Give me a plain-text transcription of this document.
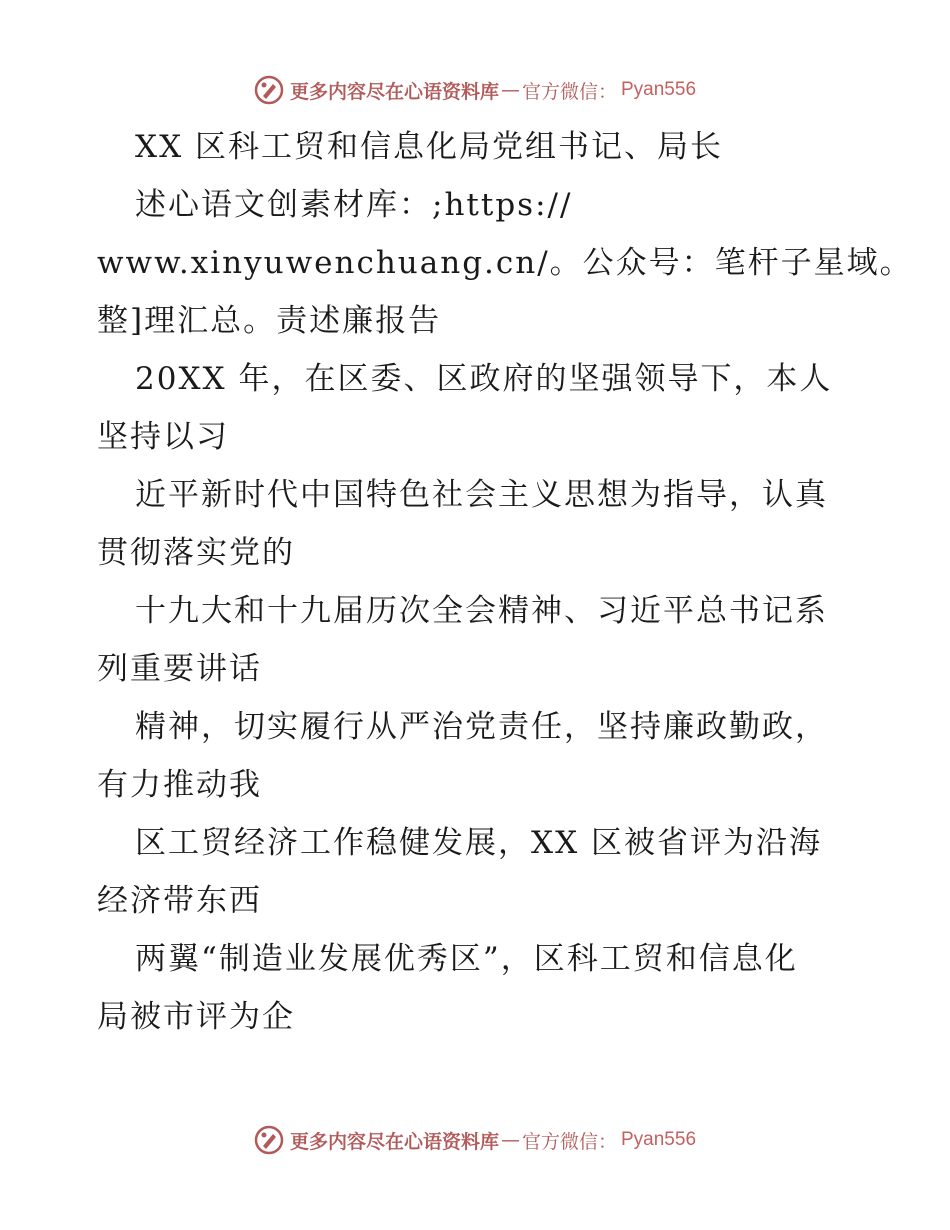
更多内容尽在心语资料库 — 官方微信： Pyan556
XX 区科工贸和信息化局党组书记、局长
述心语文创素材库：;https://
www.xinyuwenchuang.cn/。公众号：笔杆子星域。
整]理汇总。责述廉报告
20XX 年，在区委、区政府的坚强领导下，本人
坚持以习
近平新时代中国特色社会主义思想为指导，认真
贯彻落实党的
十九大和十九届历次全会精神、习近平总书记系
列重要讲话
精神，切实履行从严治党责任，坚持廉政勤政，
有力推动我
区工贸经济工作稳健发展，XX 区被省评为沿海
经济带东西
两翼“制造业发展优秀区”，区科工贸和信息化
局被市评为企
更多内容尽在心语资料库 — 官方微信： Pyan556
